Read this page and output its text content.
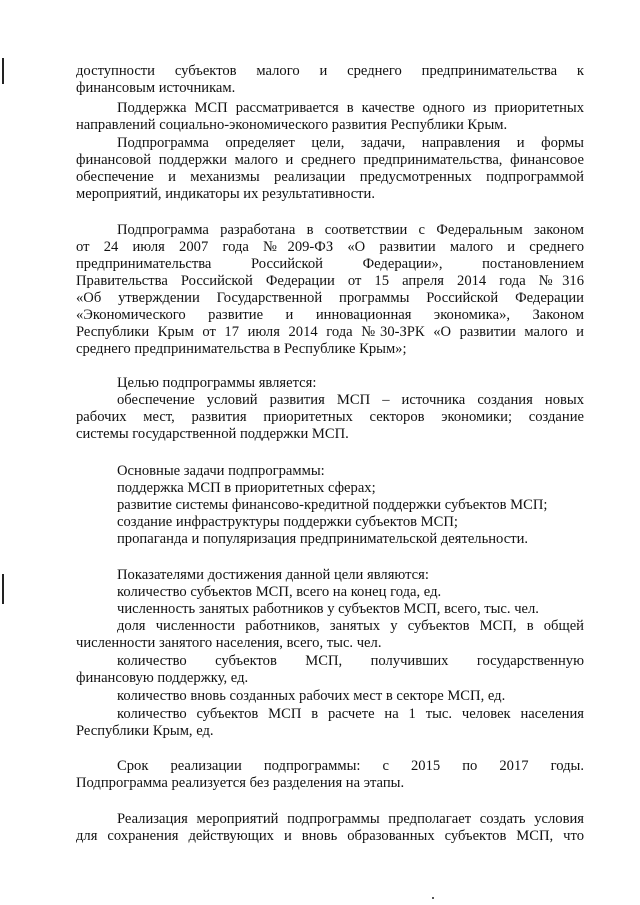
доступности субъектов малого и среднего предпринимательства к
финансовым источникам.
Поддержка МСП рассматривается в качестве одного из приоритетных
направлений социально-экономического развития Республики Крым.
Подпрограмма определяет цели, задачи, направления и формы
финансовой поддержки малого и среднего предпринимательства, финансовое
обеспечение и механизмы реализации предусмотренных подпрограммой
мероприятий, индикаторы их результативности.
Подпрограмма разработана в соответствии с Федеральным законом
от 24 июля 2007 года №209-ФЗ «О развитии малого и среднего
предпринимательства Российской Федерации», постановлением
Правительства Российской Федерации от 15 апреля 2014 года №316
«Об утверждении Государственной программы Российской Федерации
«Экономического развитие и инновационная экономика», Законом
Республики Крым от 17 июля 2014 года №30-ЗРК «О развитии малого и
среднего предпринимательства в Республике Крым»;
Целью подпрограммы является:
обеспечение условий развития МСП – источника создания новых
рабочих мест, развития приоритетных секторов экономики; создание
системы государственной поддержки МСП.
Основные задачи подпрограммы:
поддержка МСП в приоритетных сферах;
развитие системы финансово-кредитной поддержки субъектов МСП;
создание инфраструктуры поддержки субъектов МСП;
пропаганда и популяризация предпринимательской деятельности.
Показателями достижения данной цели являются:
количество субъектов МСП, всего на конец года, ед.
численность занятых работников у субъектов МСП, всего, тыс. чел.
доля численности работников, занятых у субъектов МСП, в общей
численности занятого населения, всего, тыс. чел.
количество субъектов МСП, получивших государственную
финансовую поддержку, ед.
количество вновь созданных рабочих мест в секторе МСП, ед.
количество субъектов МСП в расчете на 1 тыс. человек населения
Республики Крым, ед.
Срок реализации подпрограммы: с 2015 по 2017 годы.
Подпрограмма реализуется без разделения на этапы.
Реализация мероприятий подпрограммы предполагает создать условия
для сохранения действующих и вновь образованных субъектов МСП, что
